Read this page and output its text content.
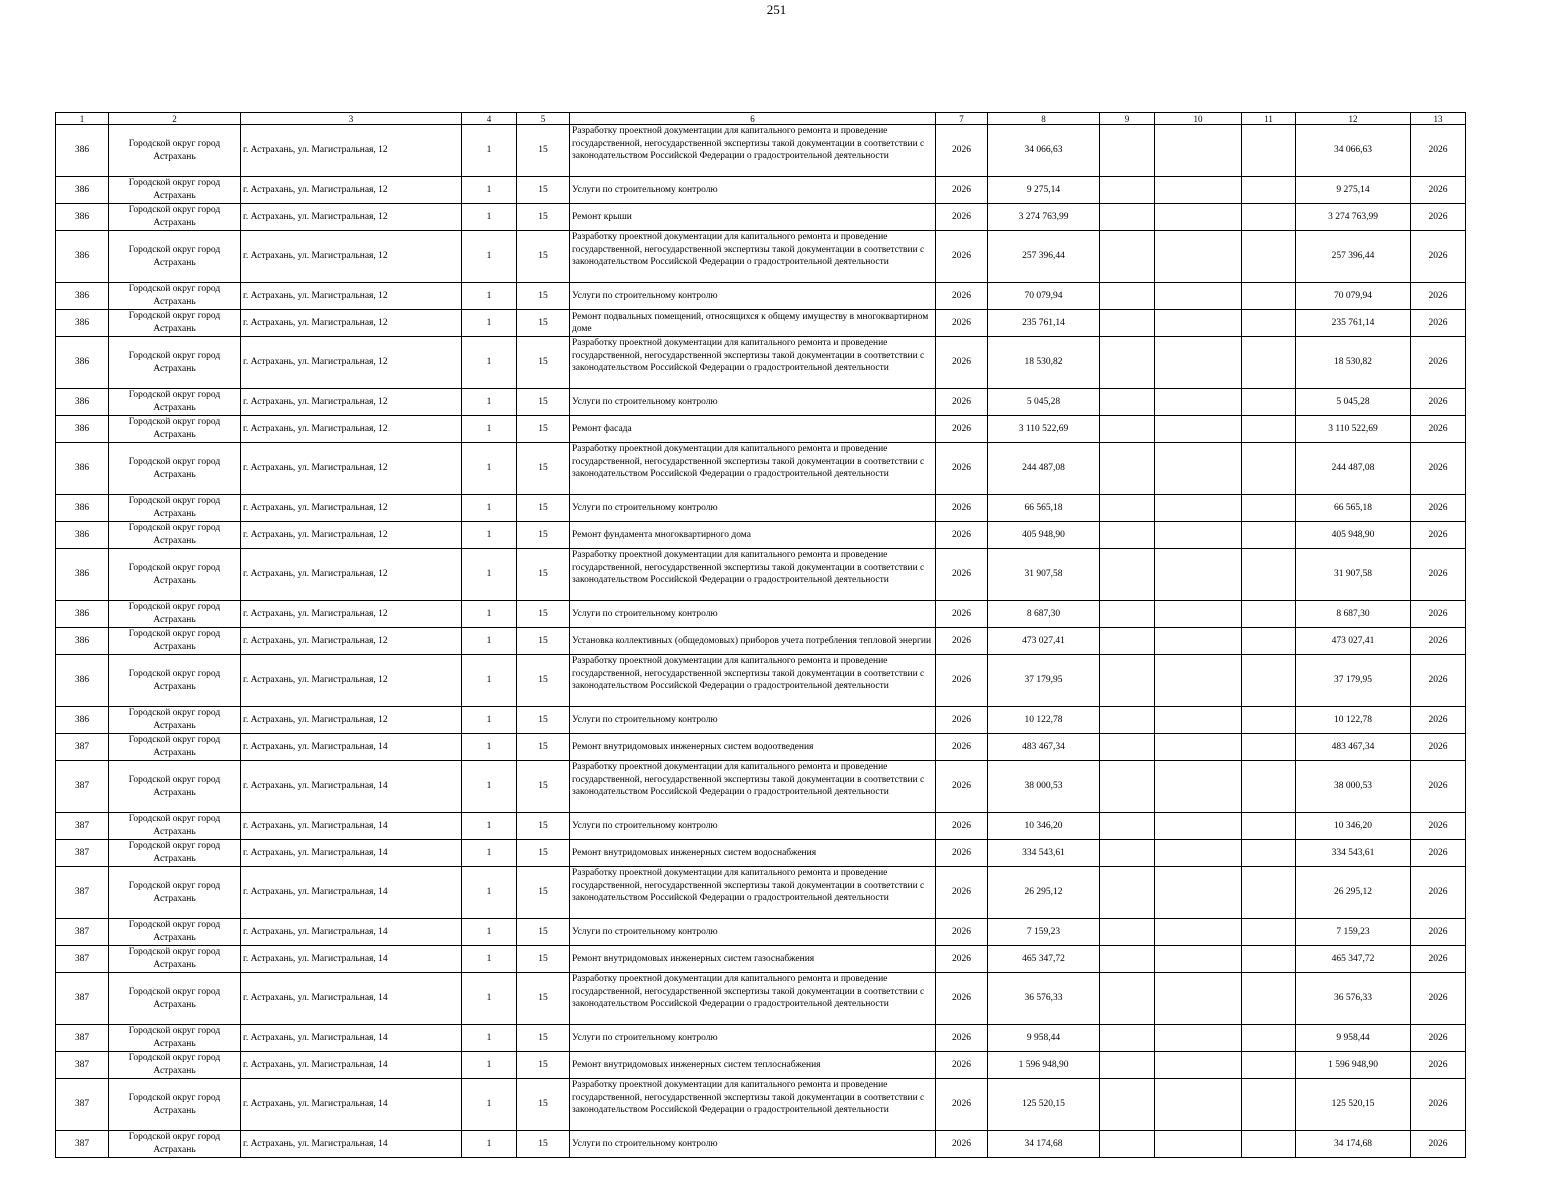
251
1	2	3	4	5	6	7	8	9	10	11	12	13
386	Городской округ город Астрахань	г. Астрахань, ул. Магистральная, 12	1	15	Разработку проектной документации для капитального ремонта и проведение государственной, негосударственной экспертизы такой документации в соответствии с законодательством Российской Федерации о градостроительной деятельности	2026	34 066,63				34 066,63	2026
386	Городской округ город Астрахань	г. Астрахань, ул. Магистральная, 12	1	15	Услуги по строительному контролю	2026	9 275,14				9 275,14	2026
386	Городской округ город Астрахань	г. Астрахань, ул. Магистральная, 12	1	15	Ремонт крыши	2026	3 274 763,99				3 274 763,99	2026
386	Городской округ город Астрахань	г. Астрахань, ул. Магистральная, 12	1	15	Разработку проектной документации для капитального ремонта и проведение государственной, негосударственной экспертизы такой документации в соответствии с законодательством Российской Федерации о градостроительной деятельности	2026	257 396,44				257 396,44	2026
386	Городской округ город Астрахань	г. Астрахань, ул. Магистральная, 12	1	15	Услуги по строительному контролю	2026	70 079,94				70 079,94	2026
386	Городской округ город Астрахань	г. Астрахань, ул. Магистральная, 12	1	15	Ремонт подвальных помещений, относящихся к общему имуществу в многоквартирном доме	2026	235 761,14				235 761,14	2026
386	Городской округ город Астрахань	г. Астрахань, ул. Магистральная, 12	1	15	Разработку проектной документации для капитального ремонта и проведение государственной, негосударственной экспертизы такой документации в соответствии с законодательством Российской Федерации о градостроительной деятельности	2026	18 530,82				18 530,82	2026
386	Городской округ город Астрахань	г. Астрахань, ул. Магистральная, 12	1	15	Услуги по строительному контролю	2026	5 045,28				5 045,28	2026
386	Городской округ город Астрахань	г. Астрахань, ул. Магистральная, 12	1	15	Ремонт фасада	2026	3 110 522,69				3 110 522,69	2026
386	Городской округ город Астрахань	г. Астрахань, ул. Магистральная, 12	1	15	Разработку проектной документации для капитального ремонта и проведение государственной, негосударственной экспертизы такой документации в соответствии с законодательством Российской Федерации о градостроительной деятельности	2026	244 487,08				244 487,08	2026
386	Городской округ город Астрахань	г. Астрахань, ул. Магистральная, 12	1	15	Услуги по строительному контролю	2026	66 565,18				66 565,18	2026
386	Городской округ город Астрахань	г. Астрахань, ул. Магистральная, 12	1	15	Ремонт фундамента многоквартирного дома	2026	405 948,90				405 948,90	2026
386	Городской округ город Астрахань	г. Астрахань, ул. Магистральная, 12	1	15	Разработку проектной документации для капитального ремонта и проведение государственной, негосударственной экспертизы такой документации в соответствии с законодательством Российской Федерации о градостроительной деятельности	2026	31 907,58				31 907,58	2026
386	Городской округ город Астрахань	г. Астрахань, ул. Магистральная, 12	1	15	Услуги по строительному контролю	2026	8 687,30				8 687,30	2026
386	Городской округ город Астрахань	г. Астрахань, ул. Магистральная, 12	1	15	Установка коллективных (общедомовых) приборов учета потребления тепловой энергии	2026	473 027,41				473 027,41	2026
386	Городской округ город Астрахань	г. Астрахань, ул. Магистральная, 12	1	15	Разработку проектной документации для капитального ремонта и проведение государственной, негосударственной экспертизы такой документации в соответствии с законодательством Российской Федерации о градостроительной деятельности	2026	37 179,95				37 179,95	2026
386	Городской округ город Астрахань	г. Астрахань, ул. Магистральная, 12	1	15	Услуги по строительному контролю	2026	10 122,78				10 122,78	2026
387	Городской округ город Астрахань	г. Астрахань, ул. Магистральная, 14	1	15	Ремонт внутридомовых инженерных систем водоотведения	2026	483 467,34				483 467,34	2026
387	Городской округ город Астрахань	г. Астрахань, ул. Магистральная, 14	1	15	Разработку проектной документации для капитального ремонта и проведение государственной, негосударственной экспертизы такой документации в соответствии с законодательством Российской Федерации о градостроительной деятельности	2026	38 000,53				38 000,53	2026
387	Городской округ город Астрахань	г. Астрахань, ул. Магистральная, 14	1	15	Услуги по строительному контролю	2026	10 346,20				10 346,20	2026
387	Городской округ город Астрахань	г. Астрахань, ул. Магистральная, 14	1	15	Ремонт внутридомовых инженерных систем водоснабжения	2026	334 543,61				334 543,61	2026
387	Городской округ город Астрахань	г. Астрахань, ул. Магистральная, 14	1	15	Разработку проектной документации для капитального ремонта и проведение государственной, негосударственной экспертизы такой документации в соответствии с законодательством Российской Федерации о градостроительной деятельности	2026	26 295,12				26 295,12	2026
387	Городской округ город Астрахань	г. Астрахань, ул. Магистральная, 14	1	15	Услуги по строительному контролю	2026	7 159,23				7 159,23	2026
387	Городской округ город Астрахань	г. Астрахань, ул. Магистральная, 14	1	15	Ремонт внутридомовых инженерных систем газоснабжения	2026	465 347,72				465 347,72	2026
387	Городской округ город Астрахань	г. Астрахань, ул. Магистральная, 14	1	15	Разработку проектной документации для капитального ремонта и проведение государственной, негосударственной экспертизы такой документации в соответствии с законодательством Российской Федерации о градостроительной деятельности	2026	36 576,33				36 576,33	2026
387	Городской округ город Астрахань	г. Астрахань, ул. Магистральная, 14	1	15	Услуги по строительному контролю	2026	9 958,44				9 958,44	2026
387	Городской округ город Астрахань	г. Астрахань, ул. Магистральная, 14	1	15	Ремонт внутридомовых инженерных систем теплоснабжения	2026	1 596 948,90				1 596 948,90	2026
387	Городской округ город Астрахань	г. Астрахань, ул. Магистральная, 14	1	15	Разработку проектной документации для капитального ремонта и проведение государственной, негосударственной экспертизы такой документации в соответствии с законодательством Российской Федерации о градостроительной деятельности	2026	125 520,15				125 520,15	2026
387	Городской округ город Астрахань	г. Астрахань, ул. Магистральная, 14	1	15	Услуги по строительному контролю	2026	34 174,68				34 174,68	2026
